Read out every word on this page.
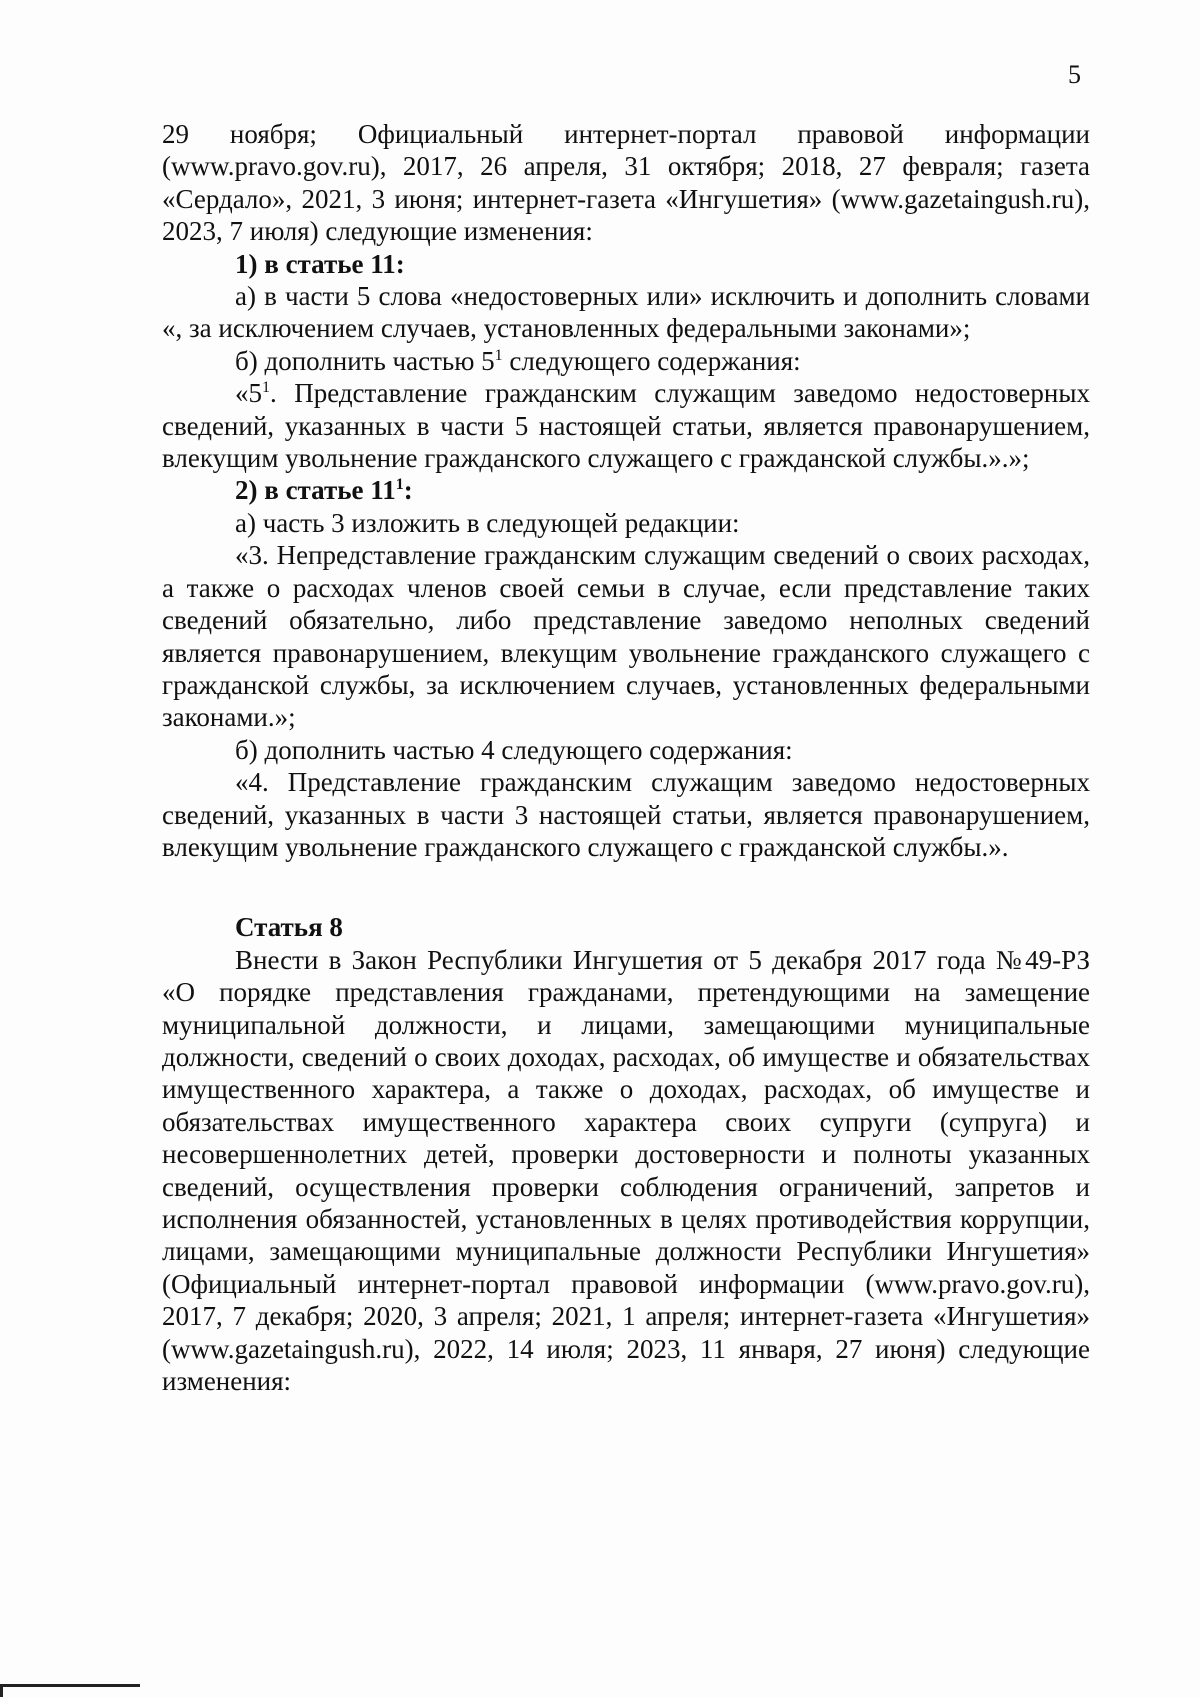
5

29 ноября; Официальный интернет-портал правовой информации (www.pravo.gov.ru), 2017, 26 апреля, 31 октября; 2018, 27 февраля; газета «Сердало», 2021, 3 июня; интернет-газета «Ингушетия» (www.gazetaingush.ru), 2023, 7 июля) следующие изменения:

1) в статье 11:

а) в части 5 слова «недостоверных или» исключить и дополнить словами «, за исключением случаев, установленных федеральными законами»;

б) дополнить частью $5^1$ следующего содержания:

«$5^1$. Представление гражданским служащим заведомо недостоверных сведений, указанных в части 5 настоящей статьи, является правонарушением, влекущим увольнение гражданского служащего с гражданской службы.».»;

2) в статье $11^1$:

а) часть 3 изложить в следующей редакции:

«3. Непредставление гражданским служащим сведений о своих расходах, а также о расходах членов своей семьи в случае, если представление таких сведений обязательно, либо представление заведомо неполных сведений является правонарушением, влекущим увольнение гражданского служащего с гражданской службы, за исключением случаев, установленных федеральными законами.»;

б) дополнить частью 4 следующего содержания:

«4. Представление гражданским служащим заведомо недостоверных сведений, указанных в части 3 настоящей статьи, является правонарушением, влекущим увольнение гражданского служащего с гражданской службы.».

Статья 8

Внести в Закон Республики Ингушетия от 5 декабря 2017 года №49-РЗ «О порядке представления гражданами, претендующими на замещение муниципальной должности, и лицами, замещающими муниципальные должности, сведений о своих доходах, расходах, об имуществе и обязательствах имущественного характера, а также о доходах, расходах, об имуществе и обязательствах имущественного характера своих супруги (супруга) и несовершеннолетних детей, проверки достоверности и полноты указанных сведений, осуществления проверки соблюдения ограничений, запретов и исполнения обязанностей, установленных в целях противодействия коррупции, лицами, замещающими муниципальные должности Республики Ингушетия» (Официальный интернет-портал правовой информации (www.pravo.gov.ru), 2017, 7 декабря; 2020, 3 апреля; 2021, 1 апреля; интернет-газета «Ингушетия» (www.gazetaingush.ru), 2022, 14 июля; 2023, 11 января, 27 июня) следующие изменения:
